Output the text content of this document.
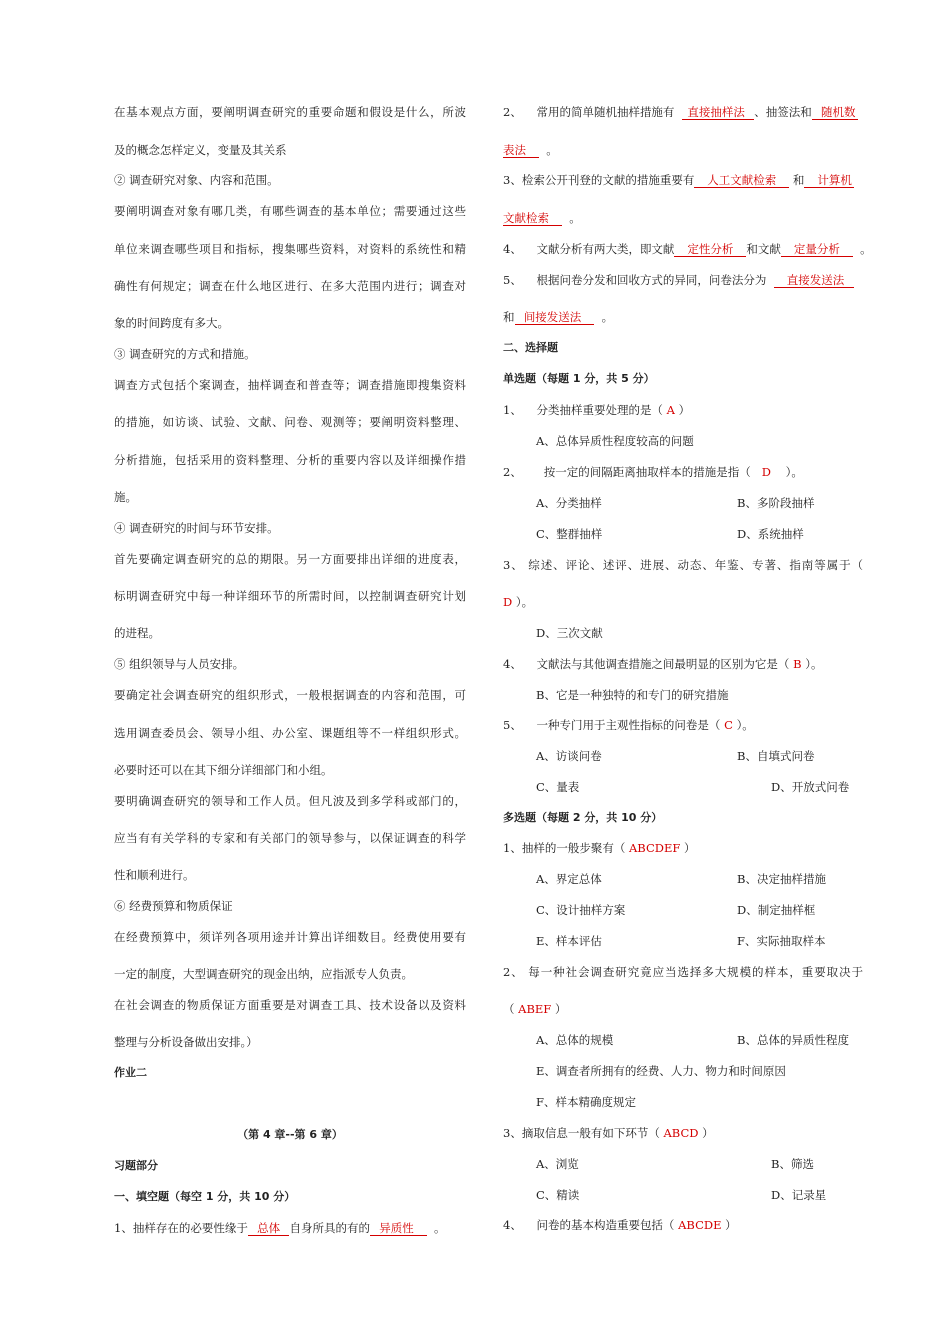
在基本观点方面，要阐明调查研究的重要命题和假设是什么，所波
及的概念怎样定义，变量及其关系
② 调查研究对象、内容和范围。
要阐明调查对象有哪几类，有哪些调查的基本单位；需要通过这些
单位来调查哪些项目和指标，搜集哪些资料，对资料的系统性和精
确性有何规定；调查在什么地区进行、在多大范围内进行；调查对
象的时间跨度有多大。
③ 调查研究的方式和措施。
调查方式包括个案调查，抽样调查和普查等；调查措施即搜集资料
的措施，如访谈、试验、文献、问卷、观测等；要阐明资料整理、
分析措施，包括采用的资料整理、分析的重要内容以及详细操作措
施。
④ 调查研究的时间与环节安排。
首先要确定调查研究的总的期限。另一方面要排出详细的进度表，
标明调查研究中每一种详细环节的所需时间，以控制调查研究计划
的进程。
⑤ 组织领导与人员安排。
要确定社会调查研究的组织形式，一般根据调查的内容和范围，可
选用调查委员会、领导小组、办公室、课题组等不一样组织形式。
必要时还可以在其下细分详细部门和小组。
要明确调查研究的领导和工作人员。但凡波及到多学科或部门的，
应当有有关学科的专家和有关部门的领导参与，以保证调查的科学
性和顺利进行。
⑥ 经费预算和物质保证
在经费预算中，须详列各项用途并计算出详细数目。经费使用要有
一定的制度，大型调查研究的现金出纳，应指派专人负责。
在社会调查的物质保证方面重要是对调查工具、技术设备以及资料
整理与分析设备做出安排。）
作业二
（第 4 章--第 6 章）
习题部分
一、填空题（每空 1 分，共 10 分）
1、抽样存在的必要性缘于 总体 自身所具的有的 异质性 。
2、    常用的简单随机抽样措施有 直接抽样法 、抽签法和 随机数
表法 。
3、检索公开刊登的文献的措施重要有 人工文献检索 和 计算机
文献检索 。
4、    文献分析有两大类，即文献 定性分析 和文献 定量分析 。
5、    根据问卷分发和回收方式的异同，问卷法分为 直接发送法
和 间接发送法 。
二、选择题
单选题（每题 1 分，共 5 分）
1、    分类抽样重要处理的是（ A ）
A、总体异质性程度较高的问题
2、      按一定的间隔距离抽取样本的措施是指（ D ）。
A、分类抽样	B、多阶段抽样
C、整群抽样	D、系统抽样
3、 综述、评论、述评、进展、动态、年鉴、专著、指南等属于（
D ）。
D、三次文献
4、    文献法与其他调查措施之间最明显的区别为它是（ B ）。
B、它是一种独特的和专门的研究措施
5、    一种专门用于主观性指标的问卷是（ C ）。
A、访谈问卷	B、自填式问卷
C、量表	D、开放式问卷
多选题（每题 2 分，共 10 分）
1、抽样的一般步聚有（ ABCDEF ）
A、界定总体	B、决定抽样措施
C、设计抽样方案	D、制定抽样框
E、样本评估	F、实际抽取样本
2、 每一种社会调查研究竟应当选择多大规模的样本，重要取决于
（ ABEF ）
A、总体的规模	B、总体的异质性程度
E、调查者所拥有的经费、人力、物力和时间原因
F、样本精确度规定
3、摘取信息一般有如下环节（ ABCD ）
A、浏览	B、筛选
C、精读	D、记录星
4、    问卷的基本构造重要包括（ ABCDE ）
